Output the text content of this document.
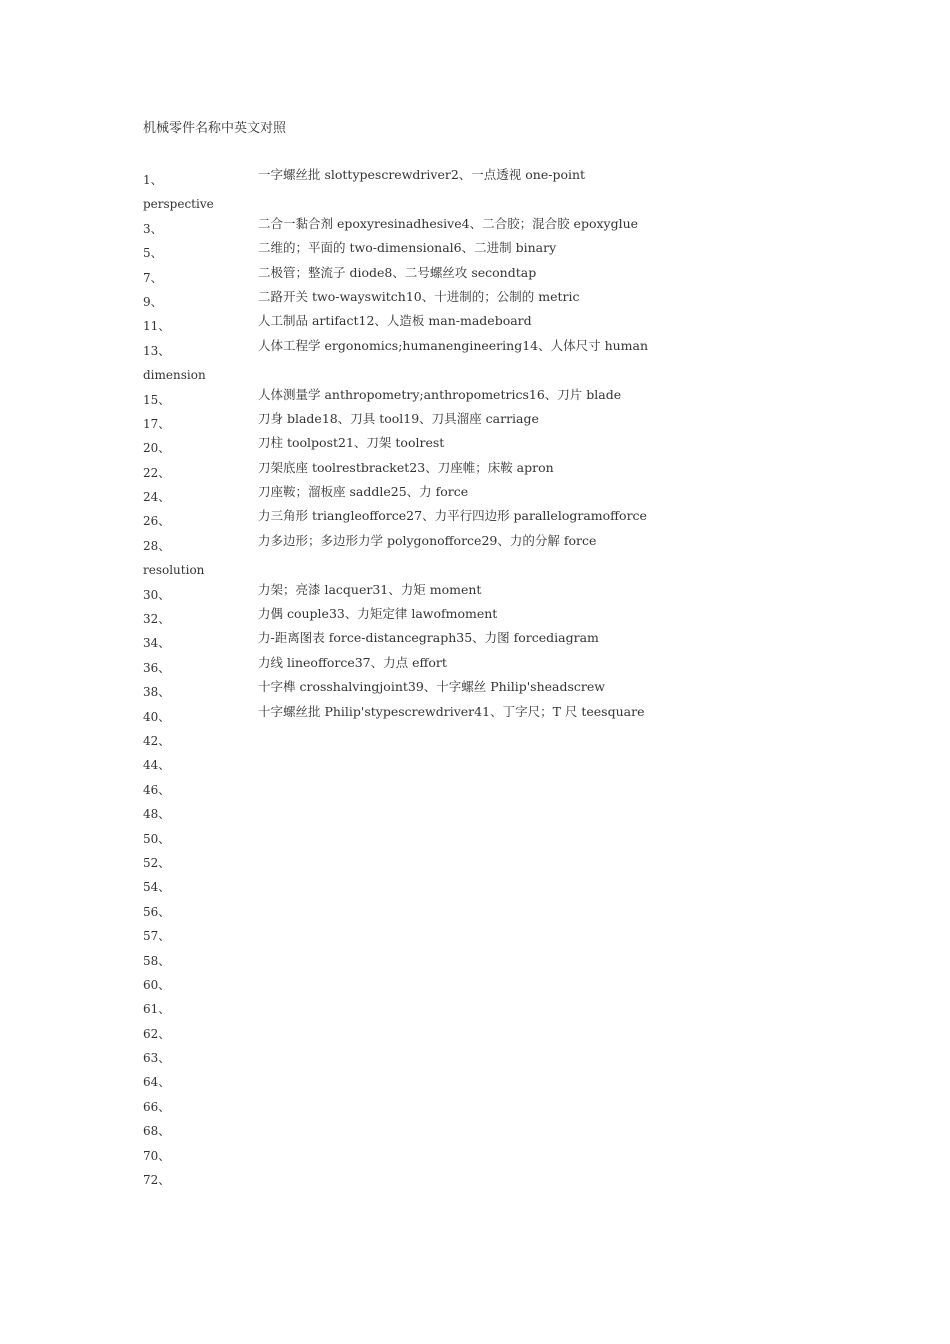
机械零件名称中英文对照
1、
perspective
3、
5、
7、
9、
11、
13、
dimension
15、
17、
20、
22、
24、
26、
28、
resolution
30、
32、
34、
36、
38、
40、
42、
44、
46、
48、
50、
52、
54、
56、
57、
58、
60、
61、
62、
63、
64、
66、
68、
70、
72、
一字螺丝批 slottypescrewdriver2、一点透视 one-point
二合一黏合剂 epoxyresinadhesive4、二合胶；混合胶 epoxyglue
二维的；平面的 two-dimensional6、二进制 binary
二极管；整流子 diode8、二号螺丝攻 secondtap
二路开关 two-wayswitch10、十进制的；公制的 metric
人工制品 artifact12、人造板 man-madeboard
人体工程学 ergonomics;humanengineering14、人体尺寸 human
人体测量学 anthropometry;anthropometrics16、刀片 blade
刀身 blade18、刀具 tool19、刀具溜座 carriage
刀柱 toolpost21、刀架 toolrest
刀架底座 toolrestbracket23、刀座帷；床鞍 apron
刀座鞍；溜板座 saddle25、力 force
力三角形 triangleofforce27、力平行四边形 parallelogramofforce
力多边形；多边形力学 polygonofforce29、力的分解 force
力架；亮漆 lacquer31、力矩 moment
力偶 couple33、力矩定律 lawofmoment
力-距离图表 force-distancegraph35、力图 forcediagram
力线 lineofforce37、力点 effort
十字榫 crosshalvingjoint39、十字螺丝 Philip'sheadscrew
十字螺丝批 Philip'stypescrewdriver41、丁字尺；T 尺 teesquare
